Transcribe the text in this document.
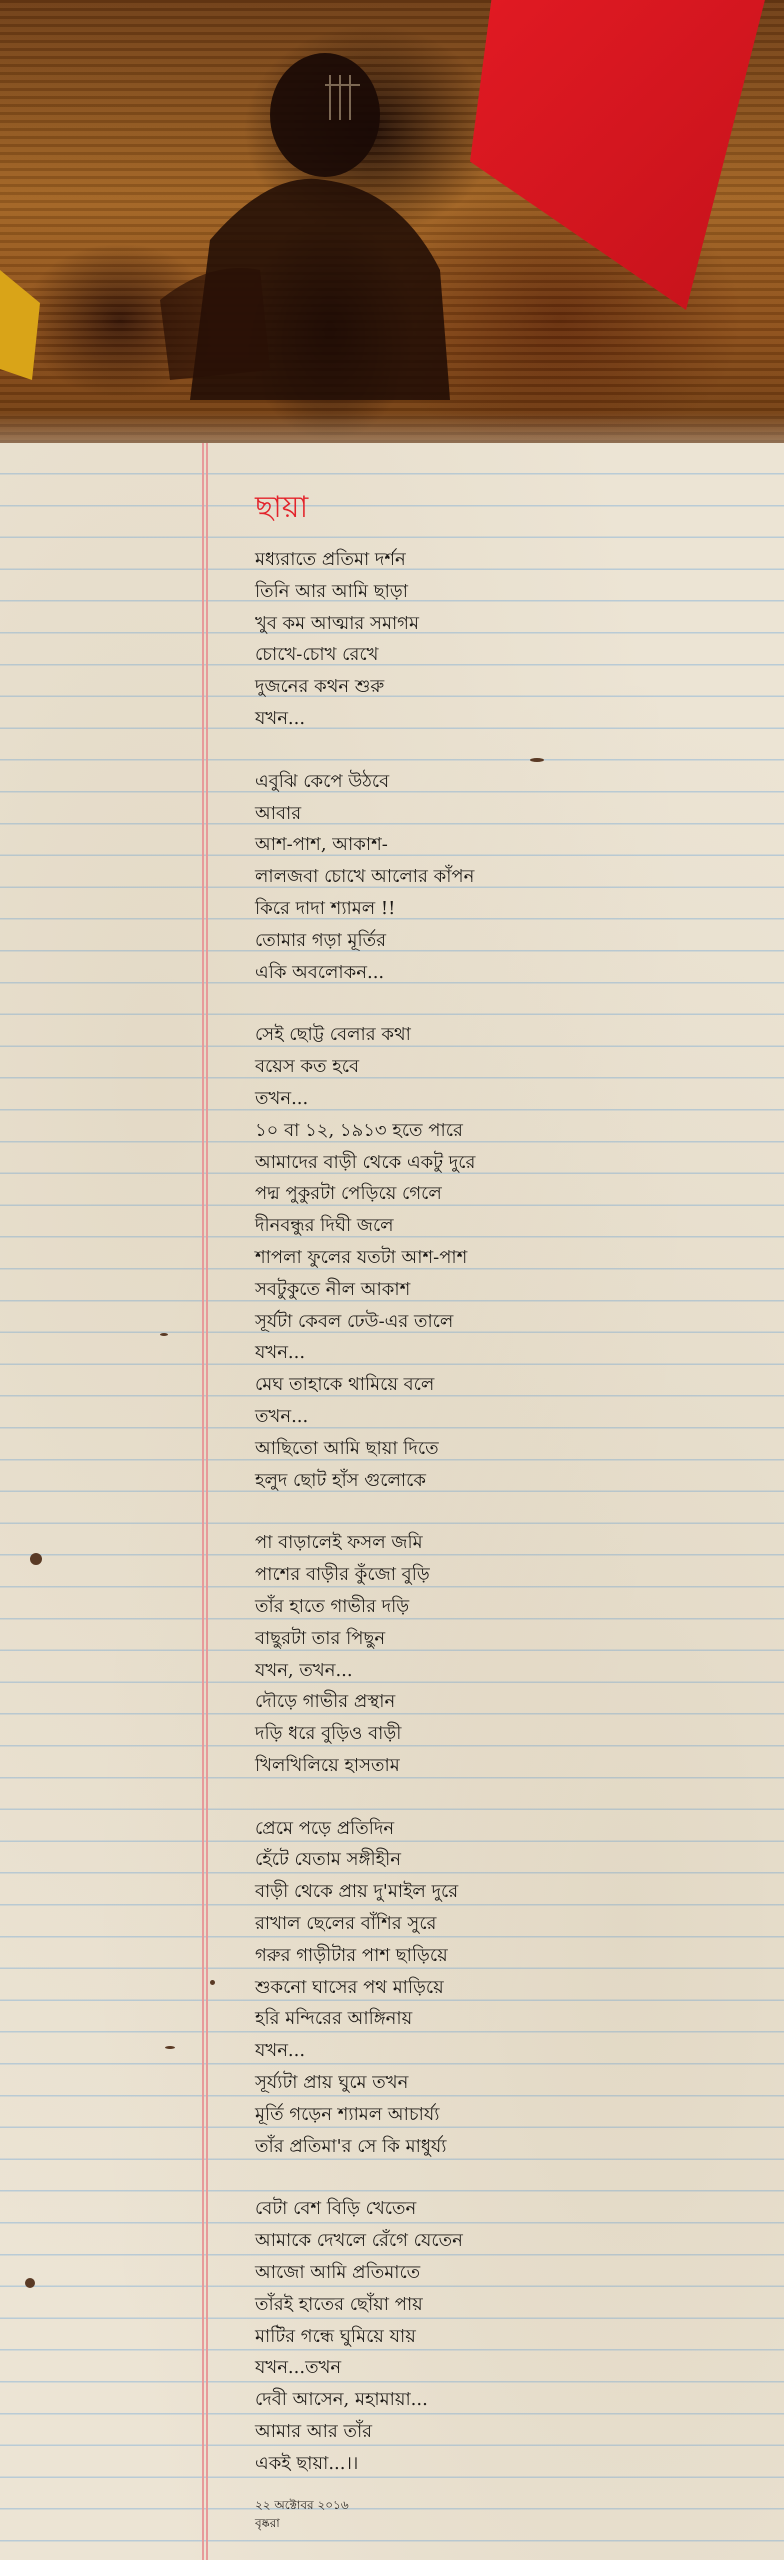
ছায়া
মধ্যরাতে প্রতিমা দর্শন
তিনি আর আমি ছাড়া
খুব কম আত্মার সমাগম
চোখে-চোখ রেখে
দুজনের কথন শুরু
যখন...
এবুঝি কেপে উঠবে
আবার
আশ-পাশ, আকাশ-
লালজবা চোখে আলোর কাঁপন
কিরে দাদা শ্যামল !!
তোমার গড়া মূর্তির
একি অবলোকন...
সেই ছোট্ট বেলার কথা
বয়েস কত হবে
তখন...
১০ বা ১২, ১৯১৩ হতে পারে
আমাদের বাড়ী থেকে একটু দুরে
পদ্ম পুকুরটা পেড়িয়ে গেলে
দীনবন্ধুর দিঘী জলে
শাপলা ফুলের যতটা আশ-পাশ
সবটুকুতে নীল আকাশ
সূর্যটা কেবল ঢেউ-এর তালে
যখন...
মেঘ তাহাকে থামিয়ে বলে
তখন...
আছিতো আমি ছায়া দিতে
হলুদ ছোট হাঁস গুলোকে
পা বাড়ালেই ফসল জমি
পাশের বাড়ীর কুঁজো বুড়ি
তাঁর হাতে গাভীর দড়ি
বাছুরটা তার পিছুন
যখন, তখন...
দৌড়ে গাভীর প্রস্থান
দড়ি ধরে বুড়িও বাড়ী
খিলখিলিয়ে হাসতাম
প্রেমে পড়ে প্রতিদিন
হেঁটে যেতাম সঙ্গীহীন
বাড়ী থেকে প্রায় দু'মাইল দুরে
রাখাল ছেলের বাঁশির সুরে
গরুর গাড়ীটার পাশ ছাড়িয়ে
শুকনো ঘাসের পথ মাড়িয়ে
হরি মন্দিরের আঙ্গিনায়
যখন...
সূর্য্যটা প্রায় ঘুমে তখন
মূর্তি গড়েন শ্যামল আচার্য্য
তাঁর প্রতিমা'র সে কি মাধুর্য্য
বেটা বেশ বিড়ি খেতেন
আমাকে দেখলে রেঁগে যেতেন
আজো আমি প্রতিমাতে
তাঁরই হাতের ছোঁয়া পায়
মাটির গন্ধে ঘুমিয়ে যায়
যখন...তখন
দেবী আসেন, মহামায়া...
আমার আর তাঁর
একই ছায়া...।।
২২ অক্টোবর ২০১৬
বৃষ্করা
